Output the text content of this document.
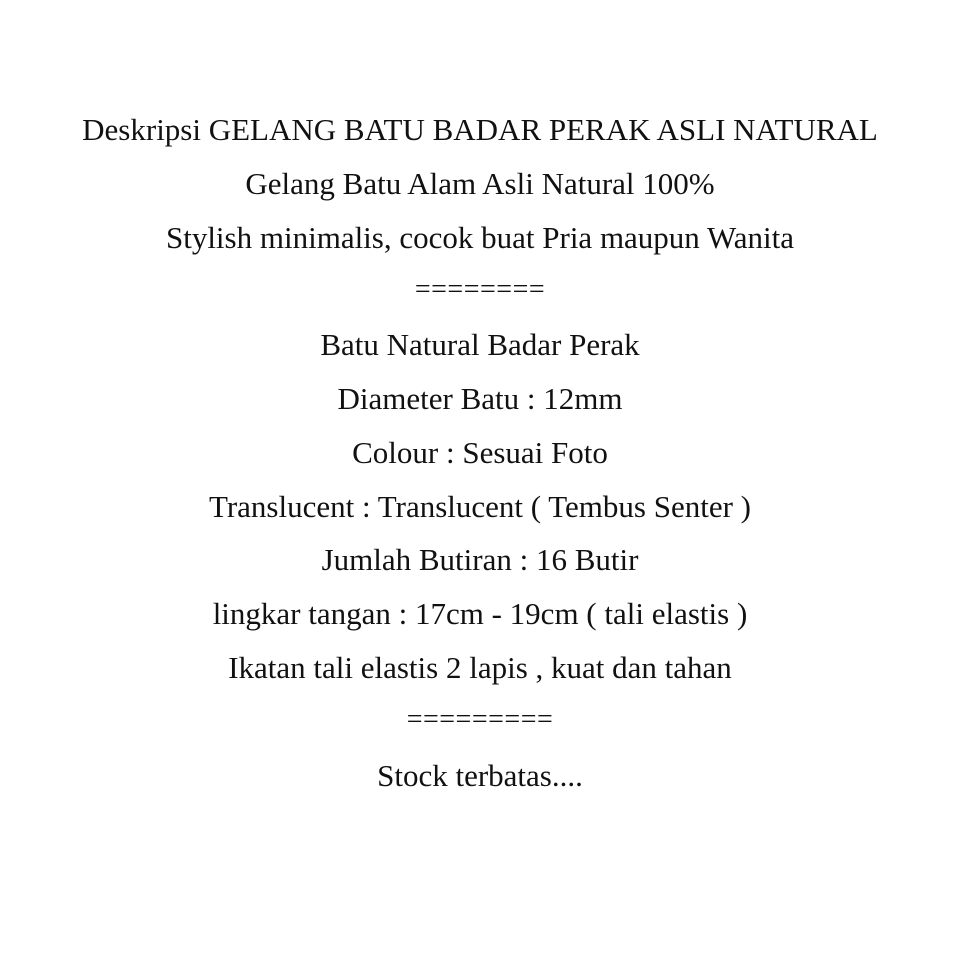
Deskripsi GELANG BATU BADAR PERAK ASLI NATURAL
Gelang Batu Alam Asli Natural 100%
Stylish minimalis, cocok buat Pria maupun Wanita
========
Batu Natural Badar Perak
Diameter Batu : 12mm
Colour : Sesuai Foto
Translucent : Translucent ( Tembus Senter )
Jumlah Butiran : 16 Butir
lingkar tangan : 17cm - 19cm ( tali elastis )
Ikatan tali elastis 2 lapis , kuat dan tahan
=========
Stock terbatas....
